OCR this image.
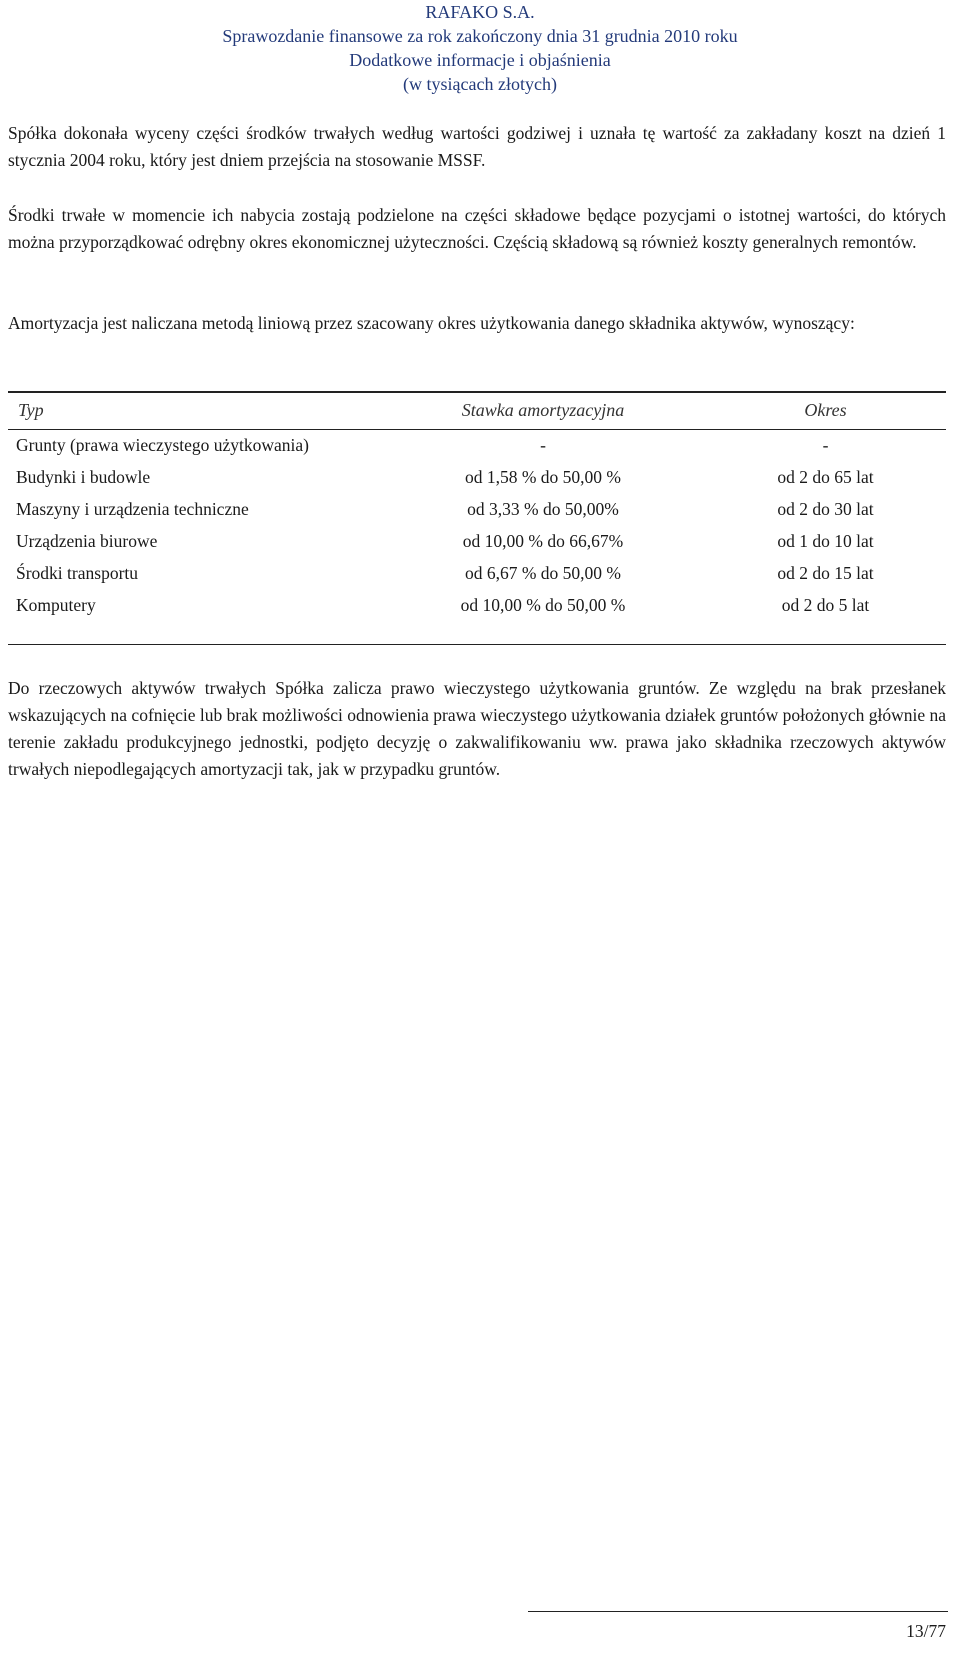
RAFAKO S.A.
Sprawozdanie finansowe za rok zakończony dnia 31 grudnia 2010 roku
Dodatkowe informacje i objaśnienia
(w tysiącach złotych)

Spółka dokonała wyceny części środków trwałych według wartości godziwej i uznała tę wartość za zakładany koszt na dzień 1 stycznia 2004 roku, który jest dniem przejścia na stosowanie MSSF.

Środki trwałe w momencie ich nabycia zostają podzielone na części składowe będące pozycjami o istotnej wartości, do których można przyporządkować odrębny okres ekonomicznej użyteczności. Częścią składową są również koszty generalnych remontów.

Amortyzacja jest naliczana metodą liniową przez szacowany okres użytkowania danego składnika aktywów, wynoszący:

Typ	Stawka amortyzacyjna	Okres
Grunty (prawa wieczystego użytkowania)	-	-
Budynki i budowle	od 1,58 % do 50,00 %	od 2 do 65 lat
Maszyny i urządzenia techniczne	od 3,33 % do 50,00%	od 2 do 30 lat
Urządzenia biurowe	od 10,00 % do 66,67%	od 1 do 10 lat
Środki transportu	od 6,67 % do 50,00 %	od 2 do 15 lat
Komputery	od 10,00 % do 50,00 %	od 2 do 5 lat

Do rzeczowych aktywów trwałych Spółka zalicza prawo wieczystego użytkowania gruntów. Ze względu na brak przesłanek wskazujących na cofnięcie lub brak możliwości odnowienia prawa wieczystego użytkowania działek gruntów położonych głównie na terenie zakładu produkcyjnego jednostki, podjęto decyzję o zakwalifikowaniu ww. prawa jako składnika rzeczowych aktywów trwałych niepodlegających amortyzacji tak, jak w przypadku gruntów.

13/77
